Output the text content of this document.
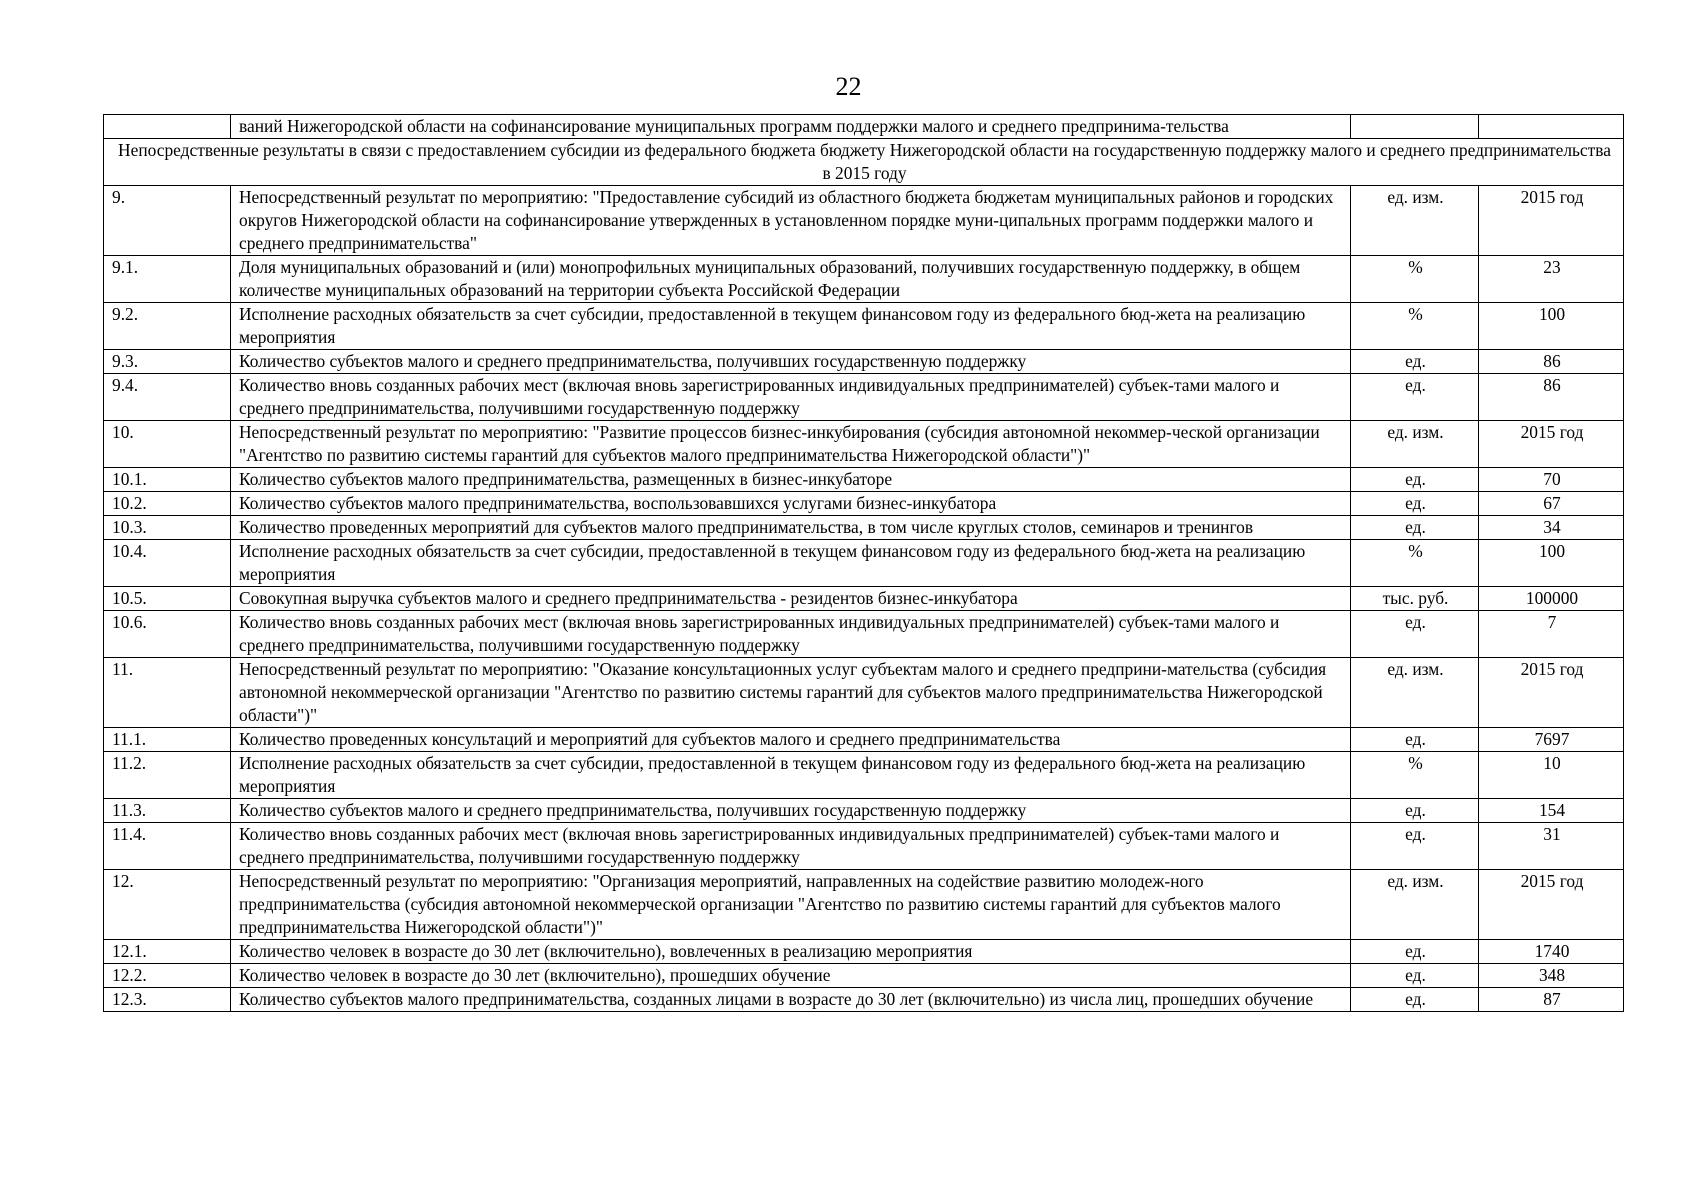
22
	ваний Нижегородской области на софинансирование муниципальных программ поддержки малого и среднего предпринима-тельства		
Непосредственные результаты в связи с предоставлением субсидии из федерального бюджета бюджету Нижегородской области на государственную поддержку малого и среднего предпринимательства в 2015 году			
9.	Непосредственный результат по мероприятию: "Предоставление субсидий из областного бюджета бюджетам муниципальных районов и городских округов Нижегородской области на софинансирование утвержденных в установленном порядке муни-ципальных программ поддержки малого и среднего предпринимательства"	ед. изм.	2015 год
9.1.	Доля муниципальных образований и (или) монопрофильных муниципальных образований, получивших государственную поддержку, в общем количестве муниципальных образований на территории субъекта Российской Федерации	%	23
9.2.	Исполнение расходных обязательств за счет субсидии, предоставленной в текущем финансовом году из федерального бюд-жета на реализацию мероприятия	%	100
9.3.	Количество субъектов малого и среднего предпринимательства, получивших государственную поддержку	ед.	86
9.4.	Количество вновь созданных рабочих мест (включая вновь зарегистрированных индивидуальных предпринимателей) субъек-тами малого и среднего предпринимательства, получившими государственную поддержку	ед.	86
10.	Непосредственный результат по мероприятию: "Развитие процессов бизнес-инкубирования (субсидия автономной некоммер-ческой организации "Агентство по развитию системы гарантий для субъектов малого предпринимательства Нижегородской области")"	ед. изм.	2015 год
10.1.	Количество субъектов малого предпринимательства, размещенных в бизнес-инкубаторе	ед.	70
10.2.	Количество субъектов малого предпринимательства, воспользовавшихся услугами бизнес-инкубатора	ед.	67
10.3.	Количество проведенных мероприятий для субъектов малого предпринимательства, в том числе круглых столов, семинаров и тренингов	ед.	34
10.4.	Исполнение расходных обязательств за счет субсидии, предоставленной в текущем финансовом году из федерального бюд-жета на реализацию мероприятия	%	100
10.5.	Совокупная выручка субъектов малого и среднего предпринимательства - резидентов бизнес-инкубатора	тыс. руб.	100000
10.6.	Количество вновь созданных рабочих мест (включая вновь зарегистрированных индивидуальных предпринимателей) субъек-тами малого и среднего предпринимательства, получившими государственную поддержку	ед.	7
11.	Непосредственный результат по мероприятию: "Оказание консультационных услуг субъектам малого и среднего предприни-мательства (субсидия автономной некоммерческой организации "Агентство по развитию системы гарантий для субъектов малого предпринимательства Нижегородской области")"	ед. изм.	2015 год
11.1.	Количество проведенных консультаций и мероприятий для субъектов малого и среднего предпринимательства	ед.	7697
11.2.	Исполнение расходных обязательств за счет субсидии, предоставленной в текущем финансовом году из федерального бюд-жета на реализацию мероприятия	%	10
11.3.	Количество субъектов малого и среднего предпринимательства, получивших государственную поддержку	ед.	154
11.4.	Количество вновь созданных рабочих мест (включая вновь зарегистрированных индивидуальных предпринимателей) субъек-тами малого и среднего предпринимательства, получившими государственную поддержку	ед.	31
12.	Непосредственный результат по мероприятию: "Организация мероприятий, направленных на содействие развитию молодеж-ного предпринимательства (субсидия автономной некоммерческой организации "Агентство по развитию системы гарантий для субъектов малого предпринимательства Нижегородской области")"	ед. изм.	2015 год
12.1.	Количество человек в возрасте до 30 лет (включительно), вовлеченных в реализацию мероприятия	ед.	1740
12.2.	Количество человек в возрасте до 30 лет (включительно), прошедших обучение	ед.	348
12.3.	Количество субъектов малого предпринимательства, созданных лицами в возрасте до 30 лет (включительно) из числа лиц, прошедших обучение	ед.	87
